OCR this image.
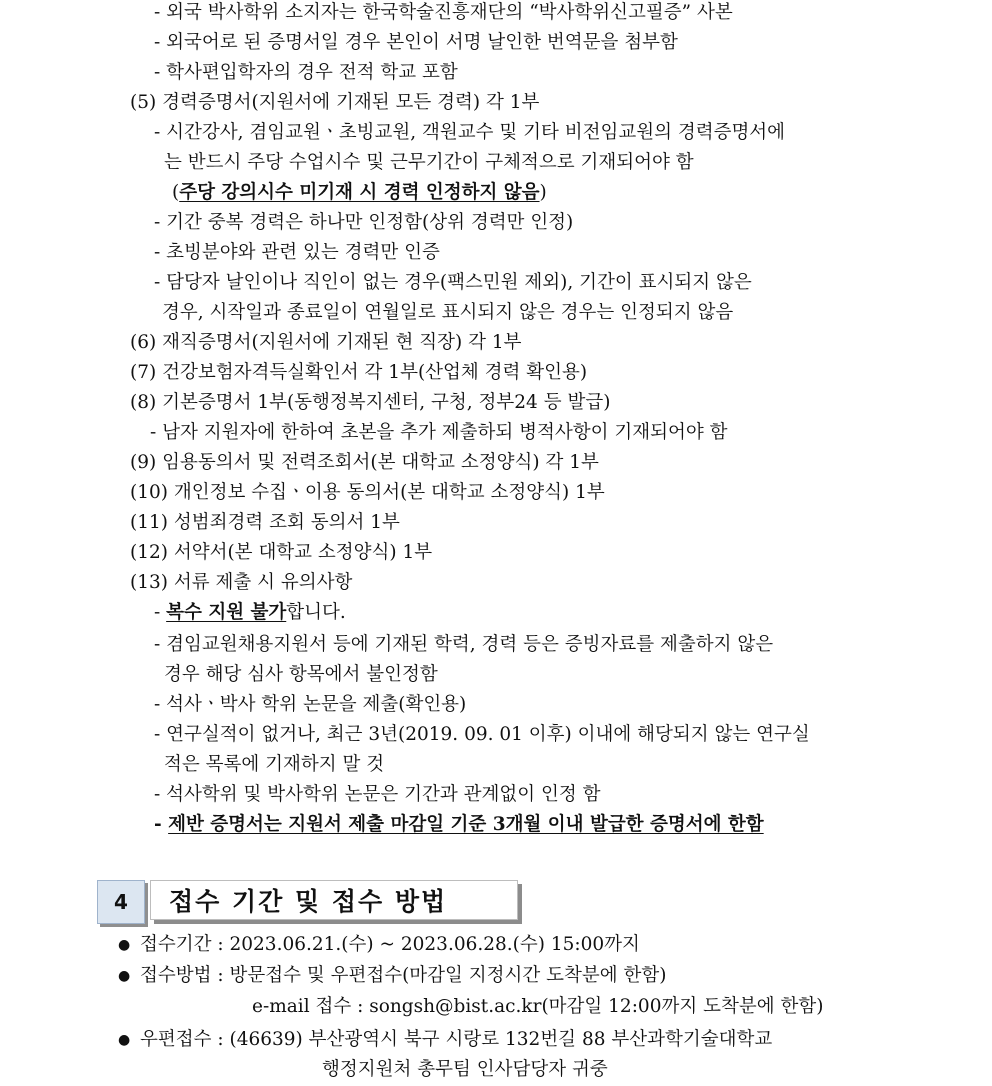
- 외국 박사학위 소지자는 한국학술진흥재단의 “박사학위신고필증” 사본
- 외국어로 된 증명서일 경우 본인이 서명 날인한 번역문을 첨부함
- 학사편입학자의 경우 전적 학교 포함
(5) 경력증명서(지원서에 기재된 모든 경력) 각 1부
- 시간강사, 겸임교원ㆍ초빙교원, 객원교수 및 기타 비전임교원의 경력증명서에
는 반드시 주당 수업시수 및 근무기간이 구체적으로 기재되어야 함
(주당 강의시수 미기재 시 경력 인정하지 않음)
- 기간 중복 경력은 하나만 인정함(상위 경력만 인정)
- 초빙분야와 관련 있는 경력만 인증
- 담당자 날인이나 직인이 없는 경우(팩스민원 제외), 기간이 표시되지 않은
경우, 시작일과 종료일이 연월일로 표시되지 않은 경우는 인정되지 않음
(6) 재직증명서(지원서에 기재된 현 직장) 각 1부
(7) 건강보험자격득실확인서 각 1부(산업체 경력 확인용)
(8) 기본증명서 1부(동행정복지센터, 구청, 정부24 등 발급)
- 남자 지원자에 한하여 초본을 추가 제출하되 병적사항이 기재되어야 함
(9) 임용동의서 및 전력조회서(본 대학교 소정양식) 각 1부
(10) 개인정보 수집ㆍ이용 동의서(본 대학교 소정양식) 1부
(11) 성범죄경력 조회 동의서 1부
(12) 서약서(본 대학교 소정양식) 1부
(13) 서류 제출 시 유의사항
- 복수 지원 불가합니다.
- 겸임교원채용지원서 등에 기재된 학력, 경력 등은 증빙자료를 제출하지 않은
경우 해당 심사 항목에서 불인정함
- 석사ㆍ박사 학위 논문을 제출(확인용)
- 연구실적이 없거나, 최근 3년(2019. 09. 01 이후) 이내에 해당되지 않는 연구실
적은 목록에 기재하지 말 것
- 석사학위 및 박사학위 논문은 기간과 관계없이 인정 함
- 제반 증명서는 지원서 제출 마감일 기준 3개월 이내 발급한 증명서에 한함
4	접수 기간 및 접수 방법
● 접수기간 : 2023.06.21.(수) ~ 2023.06.28.(수) 15:00까지
● 접수방법 : 방문접수 및 우편접수(마감일 지정시간 도착분에 한함)
e-mail 접수 : songsh@bist.ac.kr(마감일 12:00까지 도착분에 한함)
● 우편접수 : (46639) 부산광역시 북구 시랑로 132번길 88 부산과학기술대학교
행정지원처 총무팀 인사담당자 귀중
